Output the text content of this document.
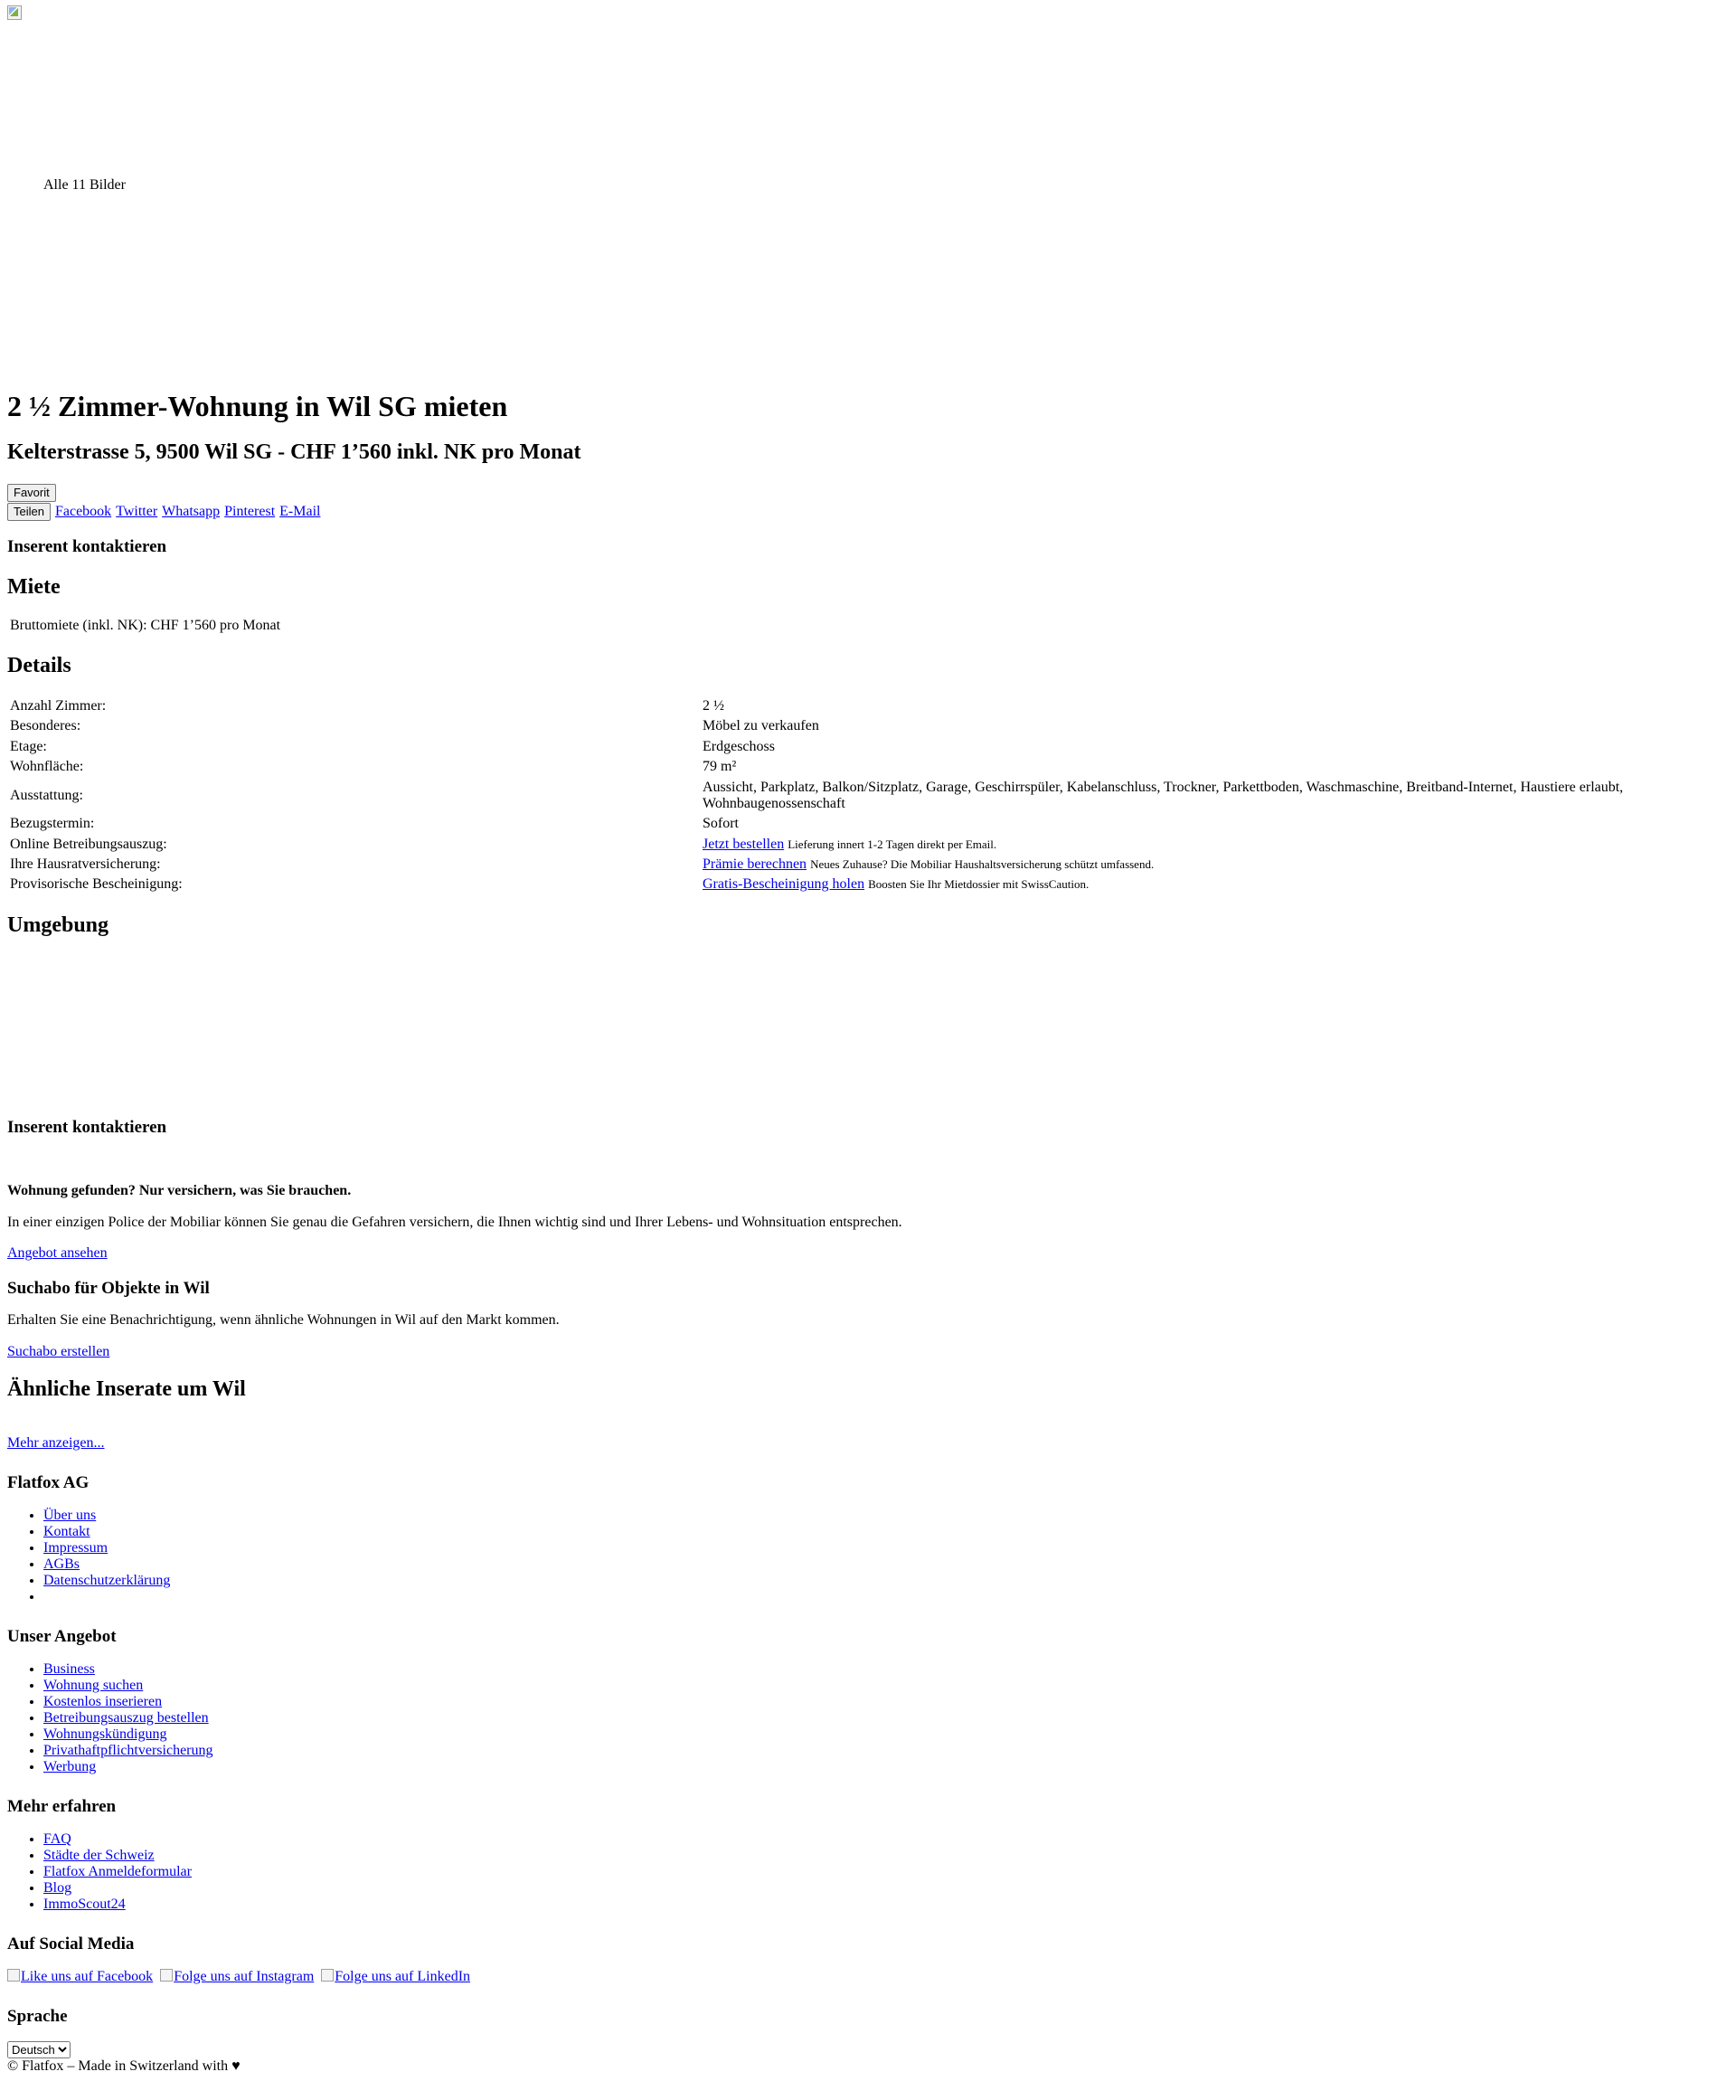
Alle 11 Bilder
2 ½ Zimmer-Wohnung in Wil SG mieten
Kelterstrasse 5, 9500 Wil SG - CHF 1’560 inkl. NK pro Monat
Favorit
Teilen Facebook Twitter Whatsapp Pinterest E-Mail
Inserent kontaktieren
Miete
Bruttomiete (inkl. NK): CHF 1’560 pro Monat
Details
Anzahl Zimmer:	2 ½
Besonderes:	Möbel zu verkaufen
Etage:	Erdgeschoss
Wohnfläche:	79 m²
Ausstattung:	Aussicht, Parkplatz, Balkon/Sitzplatz, Garage, Geschirrspüler, Kabelanschluss, Trockner, Parkettboden, Waschmaschine, Breitband-Internet, Haustiere erlaubt, Wohnbaugenossenschaft
Bezugstermin:	Sofort
Online Betreibungsauszug:	Jetzt bestellen Lieferung innert 1-2 Tagen direkt per Email.
Ihre Hausratversicherung:	Prämie berechnen Neues Zuhause? Die Mobiliar Haushaltsversicherung schützt umfassend.
Provisorische Bescheinigung:	Gratis-Bescheinigung holen Boosten Sie Ihr Mietdossier mit SwissCaution.
Umgebung
Inserent kontaktieren
Wohnung gefunden? Nur versichern, was Sie brauchen.

In einer einzigen Police der Mobiliar können Sie genau die Gefahren versichern, die Ihnen wichtig sind und Ihrer Lebens- und Wohnsituation entsprechen.

Angebot ansehen

Suchabo für Objekte in Wil

Erhalten Sie eine Benachrichtigung, wenn ähnliche Wohnungen in Wil auf den Markt kommen.

Suchabo erstellen

Ähnliche Inserate um Wil

Mehr anzeigen...

Flatfox AG
• Über uns
• Kontakt
• Impressum
• AGBs
• Datenschutzerklärung
•
Unser Angebot
• Business
• Wohnung suchen
• Kostenlos inserieren
• Betreibungsauszug bestellen
• Wohnungskündigung
• Privathaftpflichtversicherung
• Werbung
Mehr erfahren
• FAQ
• Städte der Schweiz
• Flatfox Anmeldeformular
• Blog
• ImmoScout24
Auf Social Media
Like uns auf Facebook Folge uns auf Instagram Folge uns auf LinkedIn
Sprache
Deutsch
© Flatfox – Made in Switzerland with ♥
